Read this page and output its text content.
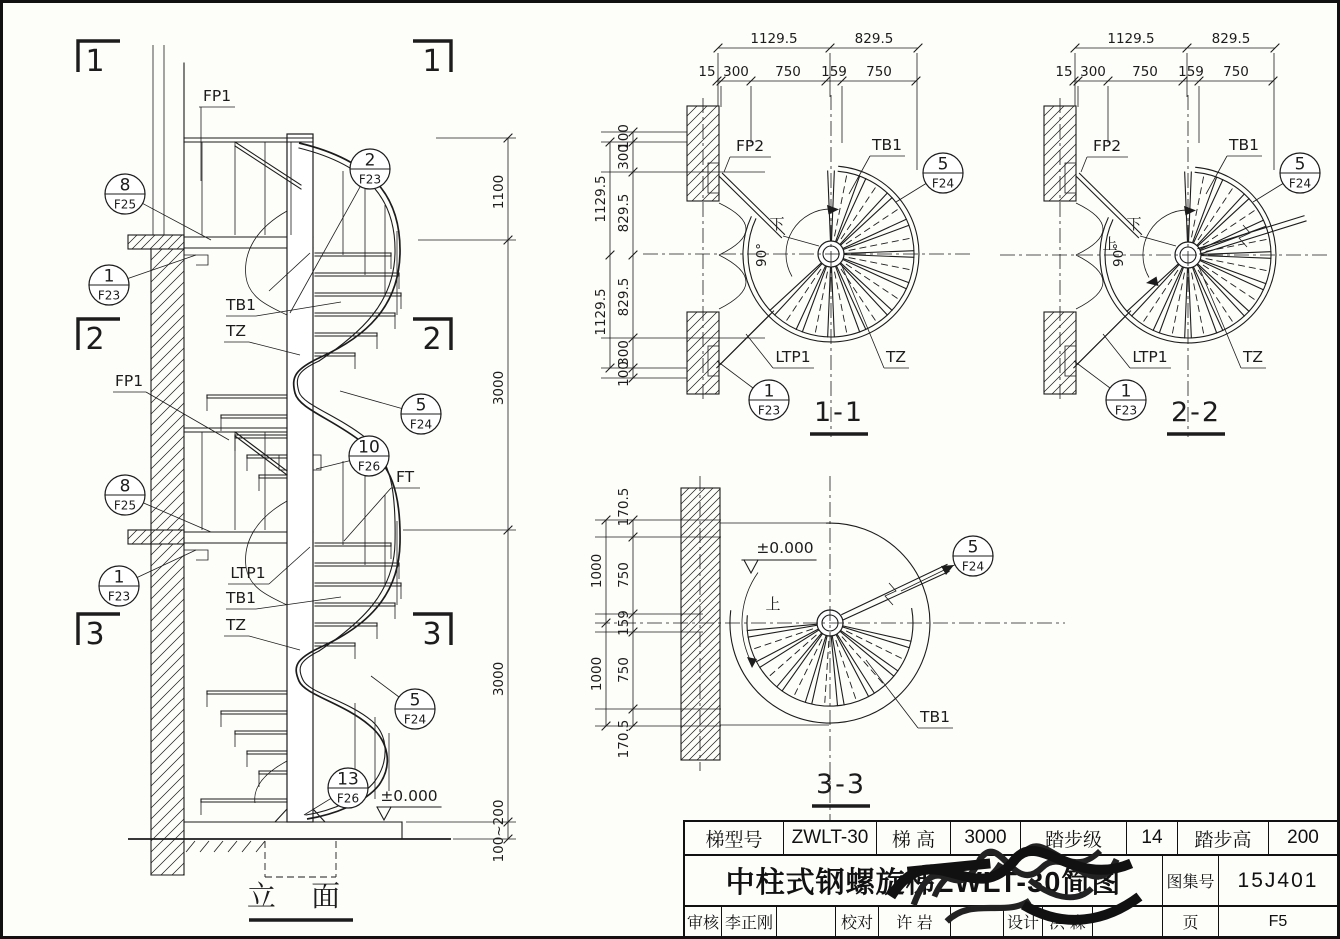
1	1
2	2
3	3
1100
3000
3000
100~200
FP1
TB1
TZ
FP1
LTP1
TB1
TZ
FT
±0.000
立 面
8
F25
2
F23
1
F23
5
F24
10
F26
8
F25
1
F23
5
F24
13
F26
FP2	TB1
LTP1	TZ
下
90°
5
F24
1
F23 1-1
1129.5	829.5
15 300 750 159 750
1129.5
1129.5
100
300
829.5
829.5
300
100
FP2	TB1
LTP1	TZ
下
上
90°
5
F24
1
F23 2-2
1129.5	829.5
15 300 750 159 750
±0.000
上
TB1
5
F24
3-3
1000
1000
170.5
750
159
750
170.5
梯型号	ZWLT-30	梯 高	3000	踏步级	14	踏步高	200
中柱式钢螺旋梯ZWLT-30简图	图集号	15J401
审核 李正刚	校对	许 岩	设计 洪 森	页	F5
